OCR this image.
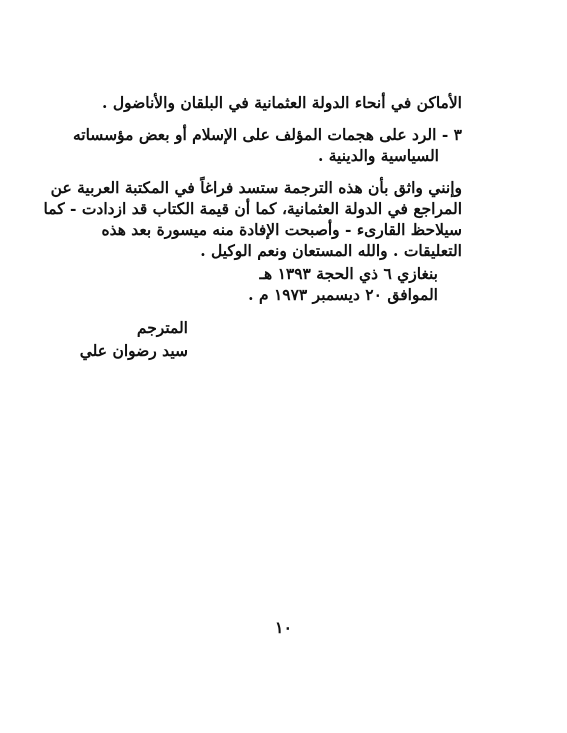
الأماكن في أنحاء الدولة العثمانية في البلقان والأناضول .
٣ - الرد على هجمات المؤلف على الإسلام أو بعض مؤسساته
السياسية والدينية .
وإنني واثق بأن هذه الترجمة ستسد فراغاً في المكتبة العربية عن
المراجع في الدولة العثمانية، كما أن قيمة الكتاب قد ازدادت - كما
سيلاحظ القارىء - وأصبحت الإفادة منه ميسورة بعد هذه
التعليقات . والله المستعان ونعم الوكيل .
بنغازي ٦ ذي الحجة ١٣٩٣ هـ
الموافق ٢٠ ديسمبر ١٩٧٣ م .
المترجم
سيد رضوان علي
١٠
